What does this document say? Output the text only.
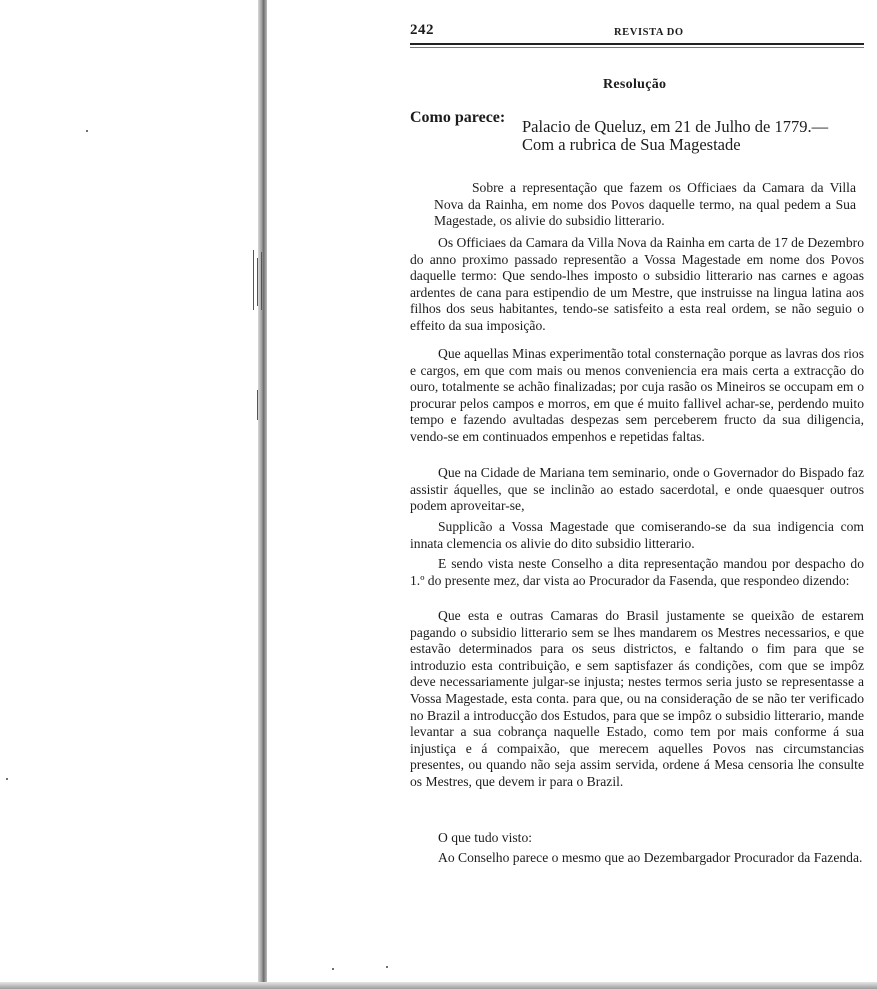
242	REVISTA DO
Resolução
Como parece: Palacio de Queluz, em 21 de Julho de 1779.—
Com a rubrica de Sua Magestade
Sobre a representação que fazem os Officiaes da Camara da Villa Nova da Rainha, em nome dos Povos daquelle termo, na qual pedem a Sua Magestade, os alivie do subsidio litterario.
Os Officiaes da Camara da Villa Nova da Rainha em carta de 17 de Dezembro do anno proximo passado representão a Vossa Magestade em nome dos Povos daquelle termo: Que sendo-lhes imposto o subsidio litterario nas carnes e agoas ardentes de cana para estipendio de um Mestre, que instruisse na lingua latina aos filhos dos seus habitantes, tendo-se satisfeito a esta real ordem, se não seguio o effeito da sua imposição.
Que aquellas Minas experimentão total consternação porque as lavras dos rios e cargos, em que com mais ou menos conveniencia era mais certa a extracção do ouro, totalmente se achão finalizadas; por cuja rasão os Mineiros se occupam em o procurar pelos campos e morros, em que é muito fallivel achar-se, perdendo muito tempo e fazendo avultadas despezas sem perceberem fructo da sua diligencia, vendo-se em continuados empenhos e repetidas faltas.
Que na Cidade de Mariana tem seminario, onde o Governador do Bispado faz assistir áquelles, que se inclinão ao estado sacerdotal, e onde quaesquer outros podem aproveitar-se,
Supplicão a Vossa Magestade que comiserando-se da sua indigencia com innata clemencia os alivie do dito subsidio litterario.
E sendo vista neste Conselho a dita representação mandou por despacho do 1.º do presente mez, dar vista ao Procurador da Fasenda, que respondeo dizendo:
Que esta e outras Camaras do Brasil justamente se queixão de estarem pagando o subsidio litterario sem se lhes mandarem os Mestres necessarios, e que estavão determinados para os seus districtos, e faltando o fim para que se introduzio esta contribuição, e sem saptisfazer ás condições, com que se impôz deve necessariamente julgar-se injusta; nestes termos seria justo se representasse a Vossa Magestade, esta conta. para que, ou na consideração de se não ter verificado no Brazil a introducção dos Estudos, para que se impôz o subsidio litterario, mande levantar a sua cobrança naquelle Estado, como tem por mais conforme á sua injustiça e á compaixão, que merecem aquelles Povos nas circumstancias presentes, ou quando não seja assim servida, ordene á Mesa censoria lhe consulte os Mestres, que devem ir para o Brazil.
O que tudo visto:
Ao Conselho parece o mesmo que ao Dezembargador Procurador da Fazenda.
